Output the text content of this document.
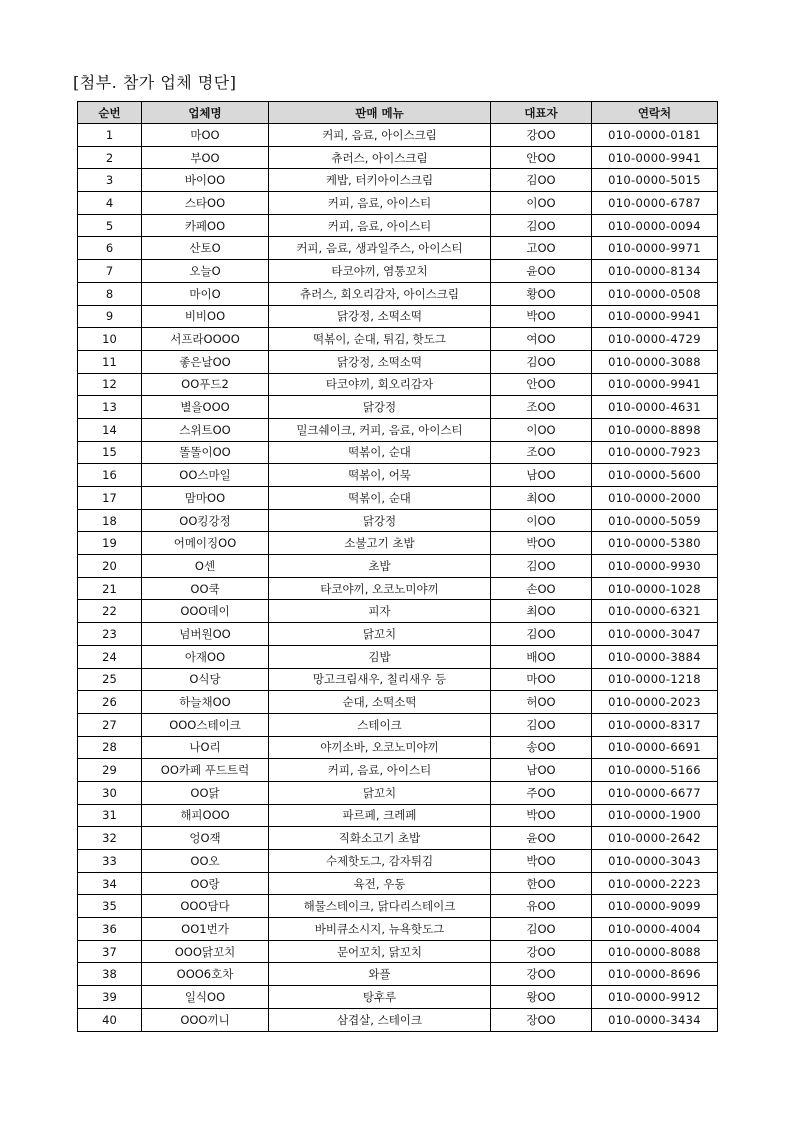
[첨부. 참가 업체 명단]
순번	업체명	판매 메뉴	대표자	연락처
1	마OO	커피, 음료, 아이스크림	강OO	010-0000-0181
2	부OO	츄러스, 아이스크림	안OO	010-0000-9941
3	바이OO	케밥, 터키아이스크림	김OO	010-0000-5015
4	스타OO	커피, 음료, 아이스티	이OO	010-0000-6787
5	카페OO	커피, 음료, 아이스티	김OO	010-0000-0094
6	산토O	커피, 음료, 생과일주스, 아이스티	고OO	010-0000-9971
7	오늘O	타코야끼, 염통꼬치	윤OO	010-0000-8134
8	마이O	츄러스, 회오리감자, 아이스크림	황OO	010-0000-0508
9	비비OO	닭강정, 소떡소떡	박OO	010-0000-9941
10	서프라OOOO	떡볶이, 순대, 튀김, 핫도그	여OO	010-0000-4729
11	좋은날OO	닭강정, 소떡소떡	김OO	010-0000-3088
12	OO푸드2	타코야끼, 회오리감자	안OO	010-0000-9941
13	별을OOO	닭강정	조OO	010-0000-4631
14	스위트OO	밀크쉐이크, 커피, 음료, 아이스티	이OO	010-0000-8898
15	똘똘이OO	떡볶이, 순대	조OO	010-0000-7923
16	OO스마일	떡볶이, 어묵	남OO	010-0000-5600
17	맘마OO	떡볶이, 순대	최OO	010-0000-2000
18	OO킹강정	닭강정	이OO	010-0000-5059
19	어메이징OO	소불고기 초밥	박OO	010-0000-5380
20	O센	초밥	김OO	010-0000-9930
21	OO쿡	타코야끼, 오코노미야끼	손OO	010-0000-1028
22	OOO데이	피자	최OO	010-0000-6321
23	넘버원OO	닭꼬치	김OO	010-0000-3047
24	아재OO	김밥	배OO	010-0000-3884
25	O식당	망고크림새우, 칠리새우 등	마OO	010-0000-1218
26	하늘채OO	순대, 소떡소떡	허OO	010-0000-2023
27	OOO스테이크	스테이크	김OO	010-0000-8317
28	나O리	야끼소바, 오코노미야끼	송OO	010-0000-6691
29	OO카페 푸드트럭	커피, 음료, 아이스티	남OO	010-0000-5166
30	OO닭	닭꼬치	주OO	010-0000-6677
31	해피OOO	파르페, 크레페	박OO	010-0000-1900
32	엉O잭	직화소고기 초밥	윤OO	010-0000-2642
33	OO오	수제핫도그, 감자튀김	박OO	010-0000-3043
34	OO랑	육전, 우동	한OO	010-0000-2223
35	OOO담다	해물스테이크, 닭다리스테이크	유OO	010-0000-9099
36	OO1번가	바비큐소시지, 뉴욕핫도그	김OO	010-0000-4004
37	OOO닭꼬치	문어꼬치, 닭꼬치	강OO	010-0000-8088
38	OOO6호차	와플	강OO	010-0000-8696
39	일식OO	탕후루	왕OO	010-0000-9912
40	OOO끼니	삼겹살, 스테이크	장OO	010-0000-3434
